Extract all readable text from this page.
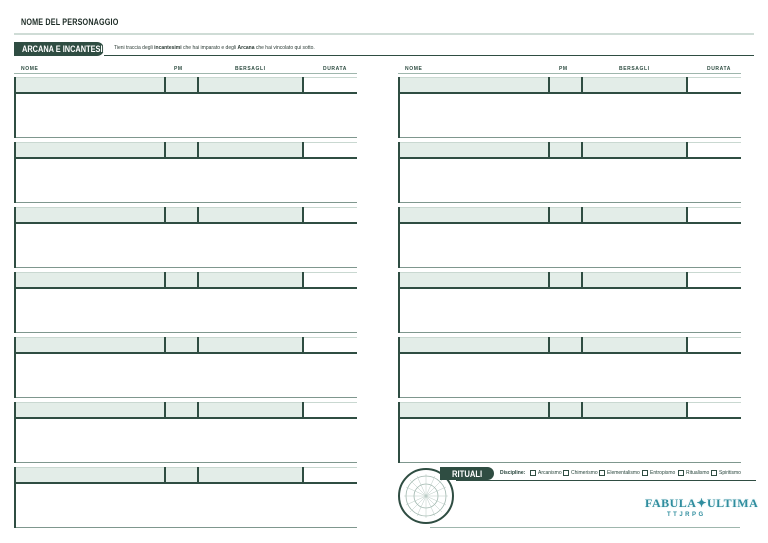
NOME DEL PERSONAGGIO
ARCANA E INCANTESIMI Tieni traccia degli incantesimi che hai imparato e degli Arcana che hai vincolato qui sotto.
NOME	PM	BERSAGLI	DURATA	NOME	PM	BERSAGLI	DURATA
RITUALI	Discipline:	Arcanismo Chimerismo Elementalismo Entropismo Ritualismo Spiritismo
FABULA✦ULTIMA
TTJRPG
